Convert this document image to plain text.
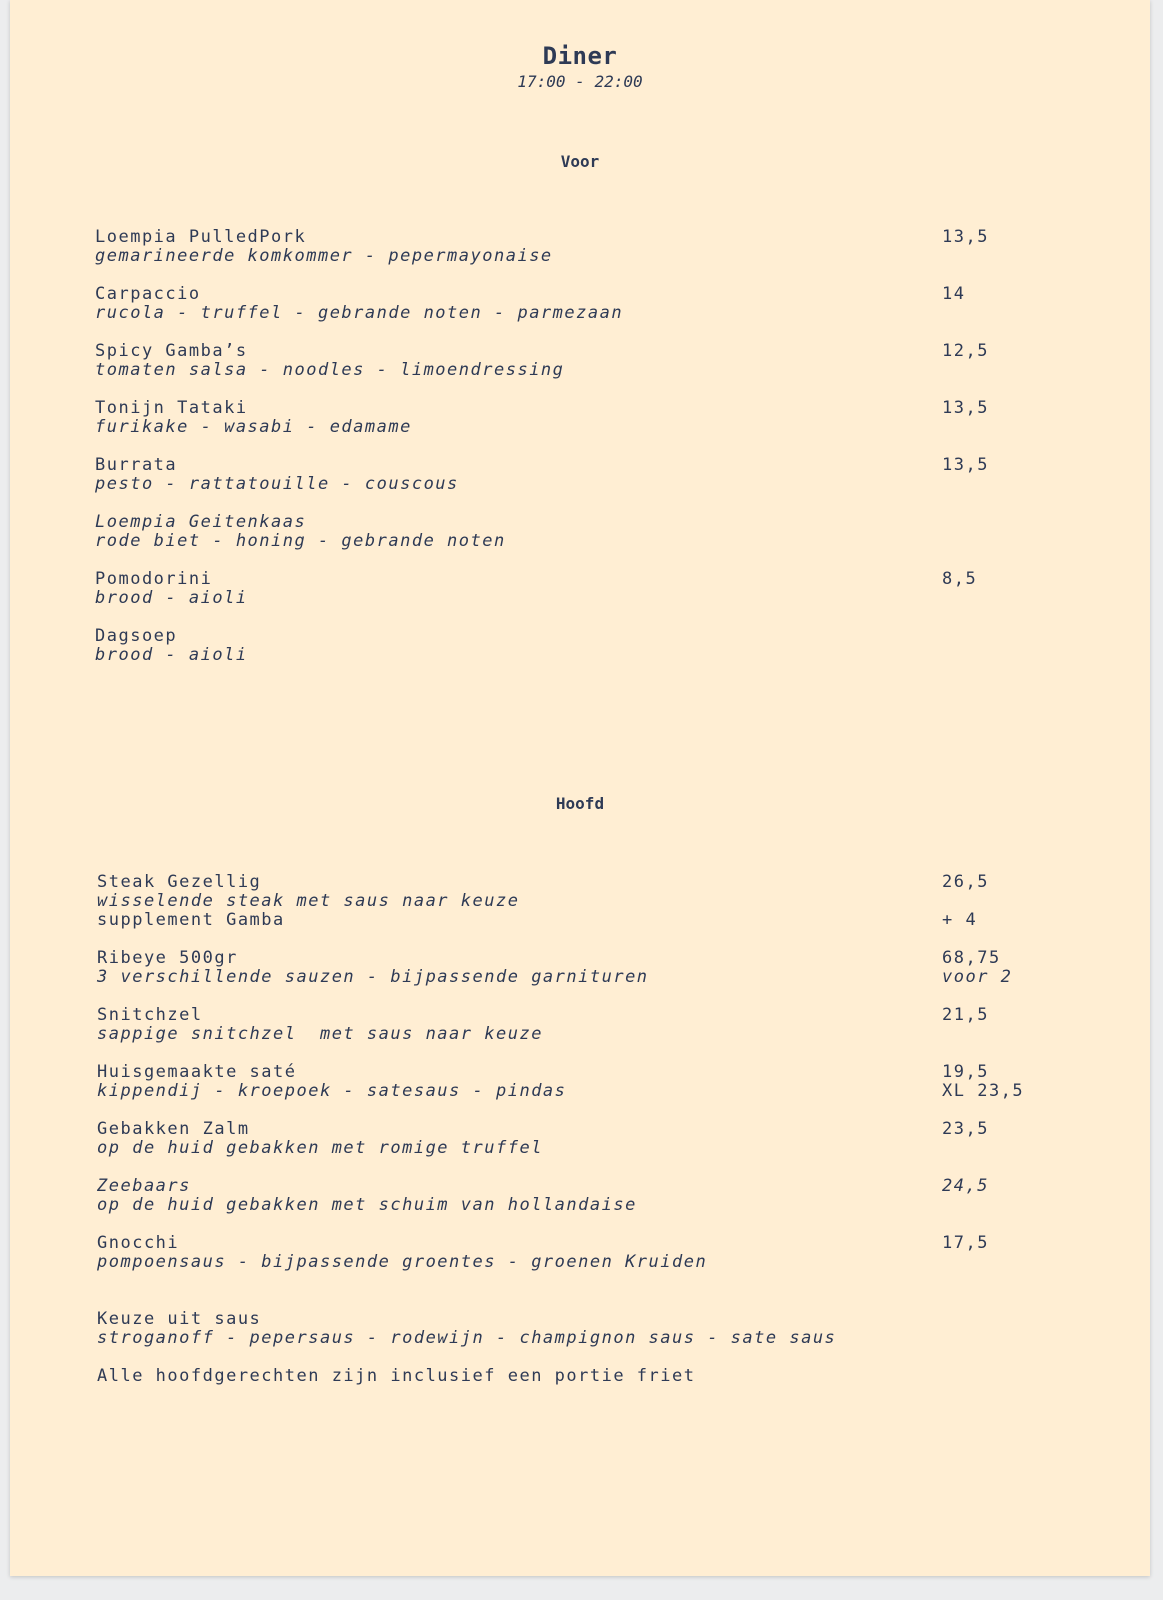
Diner
17:00 - 22:00
Voor
Loempia PulledPork
gemarineerde komkommer - pepermayonaise
13,5
Carpaccio
rucola - truffel - gebrande noten - parmezaan
14
Spicy Gamba’s
tomaten salsa - noodles - limoendressing
12,5
Tonijn Tataki
furikake - wasabi - edamame
13,5
Burrata
pesto - rattatouille - couscous
13,5
Loempia Geitenkaas
rode biet - honing - gebrande noten
Pomodorini
brood - aioli
8,5
Dagsoep
brood - aioli
Hoofd
Steak Gezellig
wisselende steak met saus naar keuze
supplement Gamba
26,5
+ 4
Ribeye 500gr
3 verschillende sauzen - bijpassende garnituren
68,75
voor 2
Snitchzel
sappige snitchzel  met saus naar keuze
21,5
Huisgemaakte saté
kippendij - kroepoek - satesaus - pindas
19,5
XL 23,5
Gebakken Zalm
op de huid gebakken met romige truffel
23,5
Zeebaars
op de huid gebakken met schuim van hollandaise
24,5
Gnocchi
pompoensaus - bijpassende groentes - groenen Kruiden
17,5
Keuze uit saus
stroganoff - pepersaus - rodewijn - champignon saus - sate saus
Alle hoofdgerechten zijn inclusief een portie friet
